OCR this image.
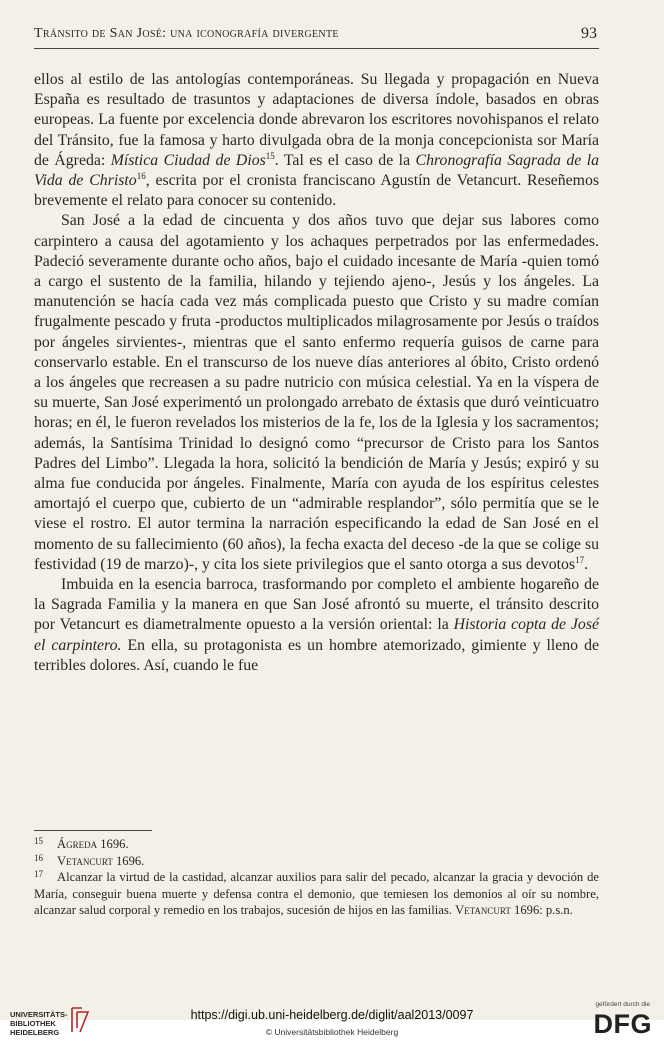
Tránsito de San José: una iconografía divergente	93

ellos al estilo de las antologías contemporáneas. Su llegada y propagación en Nueva España es resultado de trasuntos y adaptaciones de diversa índole, basados en obras europeas. La fuente por excelencia donde abrevaron los escritores novohispanos el relato del Tránsito, fue la famosa y harto divulgada obra de la monja concepcionista sor María de Ágreda: Mística Ciudad de Dios$^{15}$. Tal es el caso de la Chronografía Sagrada de la Vida de Christo$^{16}$, escrita por el cronista franciscano Agustín de Vetancurt. Reseñemos brevemente el relato para conocer su contenido.

San José a la edad de cincuenta y dos años tuvo que dejar sus labores como carpintero a causa del agotamiento y los achaques perpetrados por las enfermedades. Padeció severamente durante ocho años, bajo el cuidado incesante de María -quien tomó a cargo el sustento de la familia, hilando y tejiendo ajeno-, Jesús y los ángeles. La manutención se hacía cada vez más complicada puesto que Cristo y su madre comían frugalmente pescado y fruta -productos multiplicados milagrosamente por Jesús o traídos por ángeles sirvientes-, mientras que el santo enfermo requería guisos de carne para conservarlo estable. En el transcurso de los nueve días anteriores al óbito, Cristo ordenó a los ángeles que recreasen a su padre nutricio con música celestial. Ya en la víspera de su muerte, San José experimentó un prolongado arrebato de éxtasis que duró veinticuatro horas; en él, le fueron revelados los misterios de la fe, los de la Iglesia y los sacramentos; además, la Santísima Trinidad lo designó como “precursor de Cristo para los Santos Padres del Limbo”. Llegada la hora, solicitó la bendición de María y Jesús; expiró y su alma fue conducida por ángeles. Finalmente, María con ayuda de los espíritus celestes amortajó el cuerpo que, cubierto de un “admirable resplandor”, sólo permitía que se le viese el rostro. El autor termina la narración especificando la edad de San José en el momento de su fallecimiento (60 años), la fecha exacta del deceso -de la que se colige su festividad (19 de marzo)-, y cita los siete privilegios que el santo otorga a sus devotos$^{17}$.

Imbuida en la esencia barroca, trasformando por completo el ambiente hogareño de la Sagrada Familia y la manera en que San José afrontó su muerte, el tránsito descrito por Vetancurt es diametralmente opuesto a la versión oriental: la Historia copta de José el carpintero. En ella, su protagonista es un hombre atemorizado, gimiente y lleno de terribles dolores. Así, cuando le fue

15 Ágreda 1696.

16 Vetancurt 1696.

17 Alcanzar la virtud de la castidad, alcanzar auxilios para salir del pecado, alcanzar la gracia y devoción de María, conseguir buena muerte y defensa contra el demonio, que temiesen los demonios al oír su nombre, alcanzar salud corporal y remedio en los trabajos, sucesión de hijos en las familias. Vetancurt 1696: p.s.n.

UNIVERSITÄTS-
BIBLIOTHEK
HEIDELBERG
https://digi.ub.uni-heidelberg.de/diglit/aal2013/0097
© Universitätsbibliothek Heidelberg
gefördert durch die
DFG
